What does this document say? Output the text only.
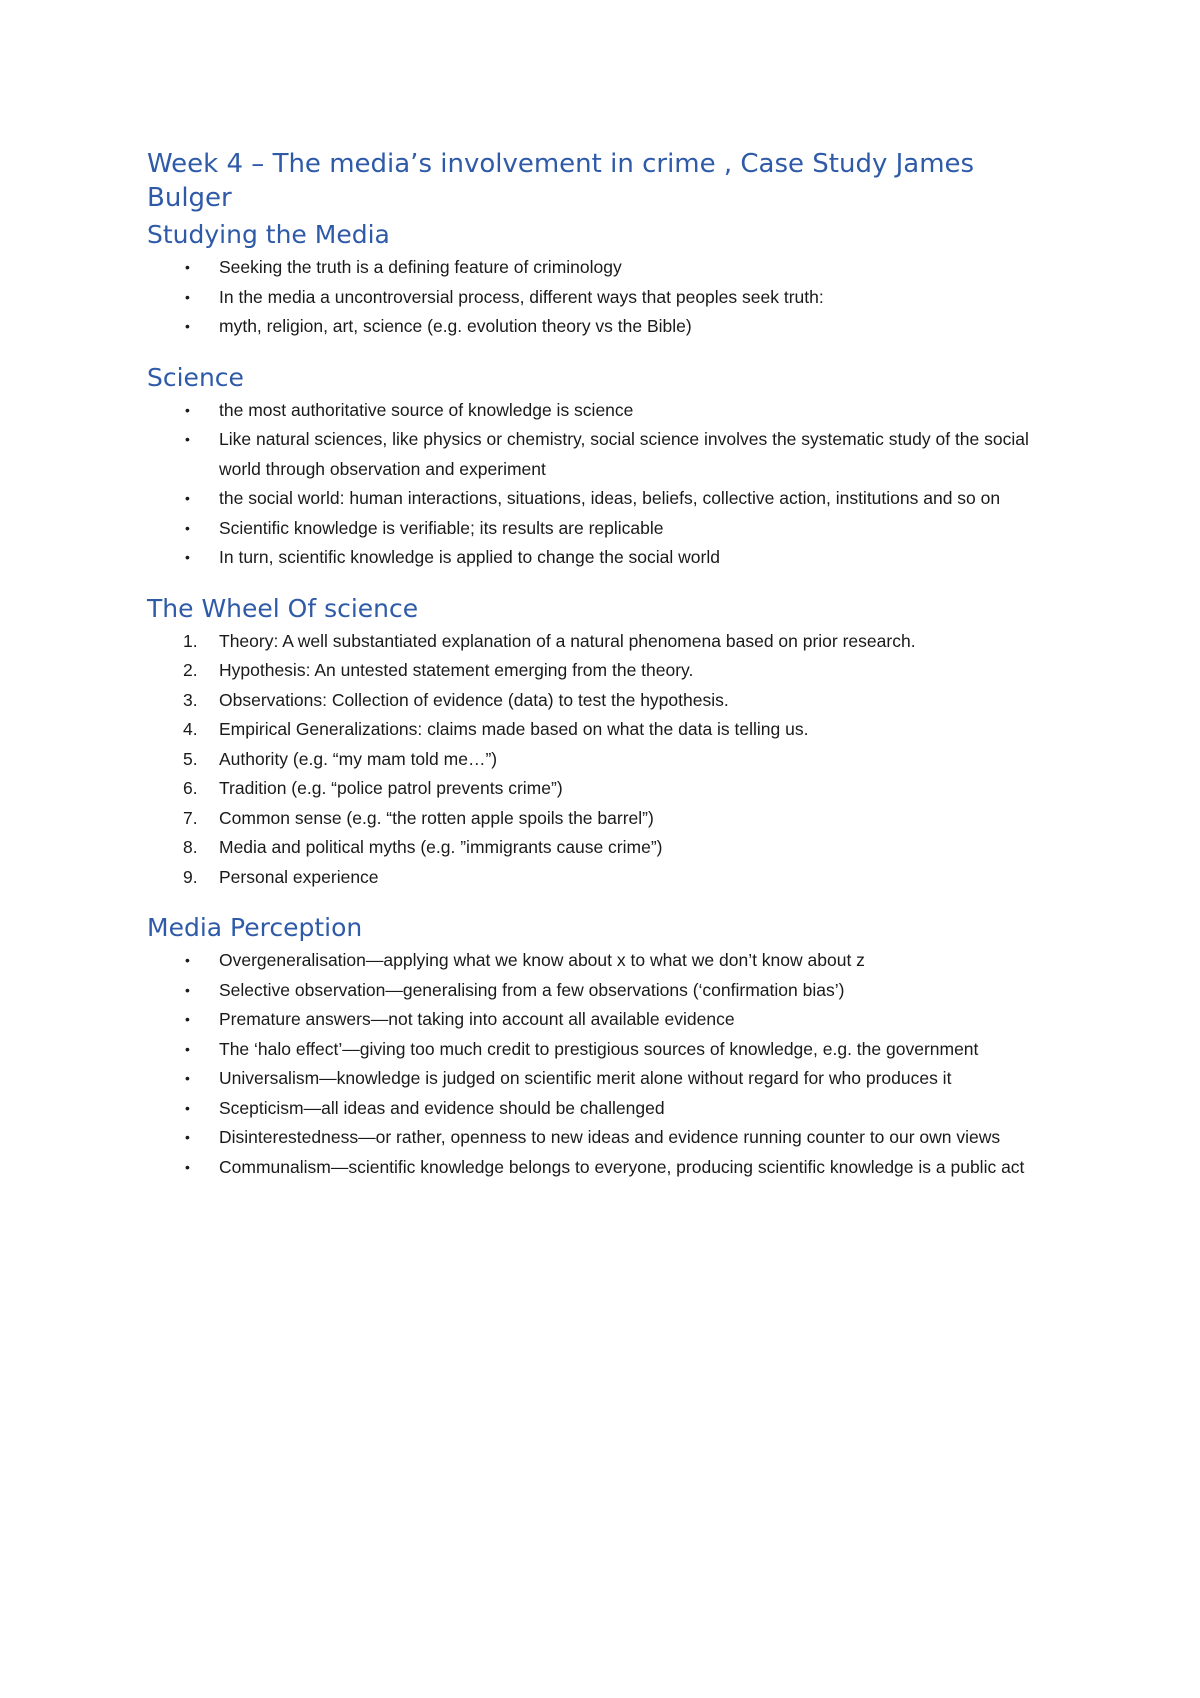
Week 4 – The media’s involvement in crime , Case Study James Bulger
Studying the Media
• Seeking the truth is a defining feature of criminology
• In the media a uncontroversial process, different ways that peoples seek truth:
• myth, religion, art, science (e.g. evolution theory vs the Bible)
Science
• the most authoritative source of knowledge is science
• Like natural sciences, like physics or chemistry, social science involves the systematic study of the social world through observation and experiment
• the social world: human interactions, situations, ideas, beliefs, collective action, institutions and so on
• Scientific knowledge is verifiable; its results are replicable
• In turn, scientific knowledge is applied to change the social world
The Wheel Of science
1.	Theory: A well substantiated explanation of a natural phenomena based on prior research.
2.	Hypothesis: An untested statement emerging from the theory.
3.	Observations: Collection of evidence (data) to test the hypothesis.
4.	Empirical Generalizations: claims made based on what the data is telling us.
5.	Authority (e.g. “my mam told me…”)
6.	Tradition (e.g. “police patrol prevents crime”)
7.	Common sense (e.g. “the rotten apple spoils the barrel”)
8.	Media and political myths (e.g. ”immigrants cause crime”)
9.	Personal experience
Media Perception
• Overgeneralisation—applying what we know about x to what we don’t know about z
• Selective observation—generalising from a few observations (‘confirmation bias’)
• Premature answers—not taking into account all available evidence
• The ‘halo effect’—giving too much credit to prestigious sources of knowledge, e.g. the government
• Universalism—knowledge is judged on scientific merit alone without regard for who produces it
• Scepticism—all ideas and evidence should be challenged
• Disinterestedness—or rather, openness to new ideas and evidence running counter to our own views
• Communalism—scientific knowledge belongs to everyone, producing scientific knowledge is a public act
